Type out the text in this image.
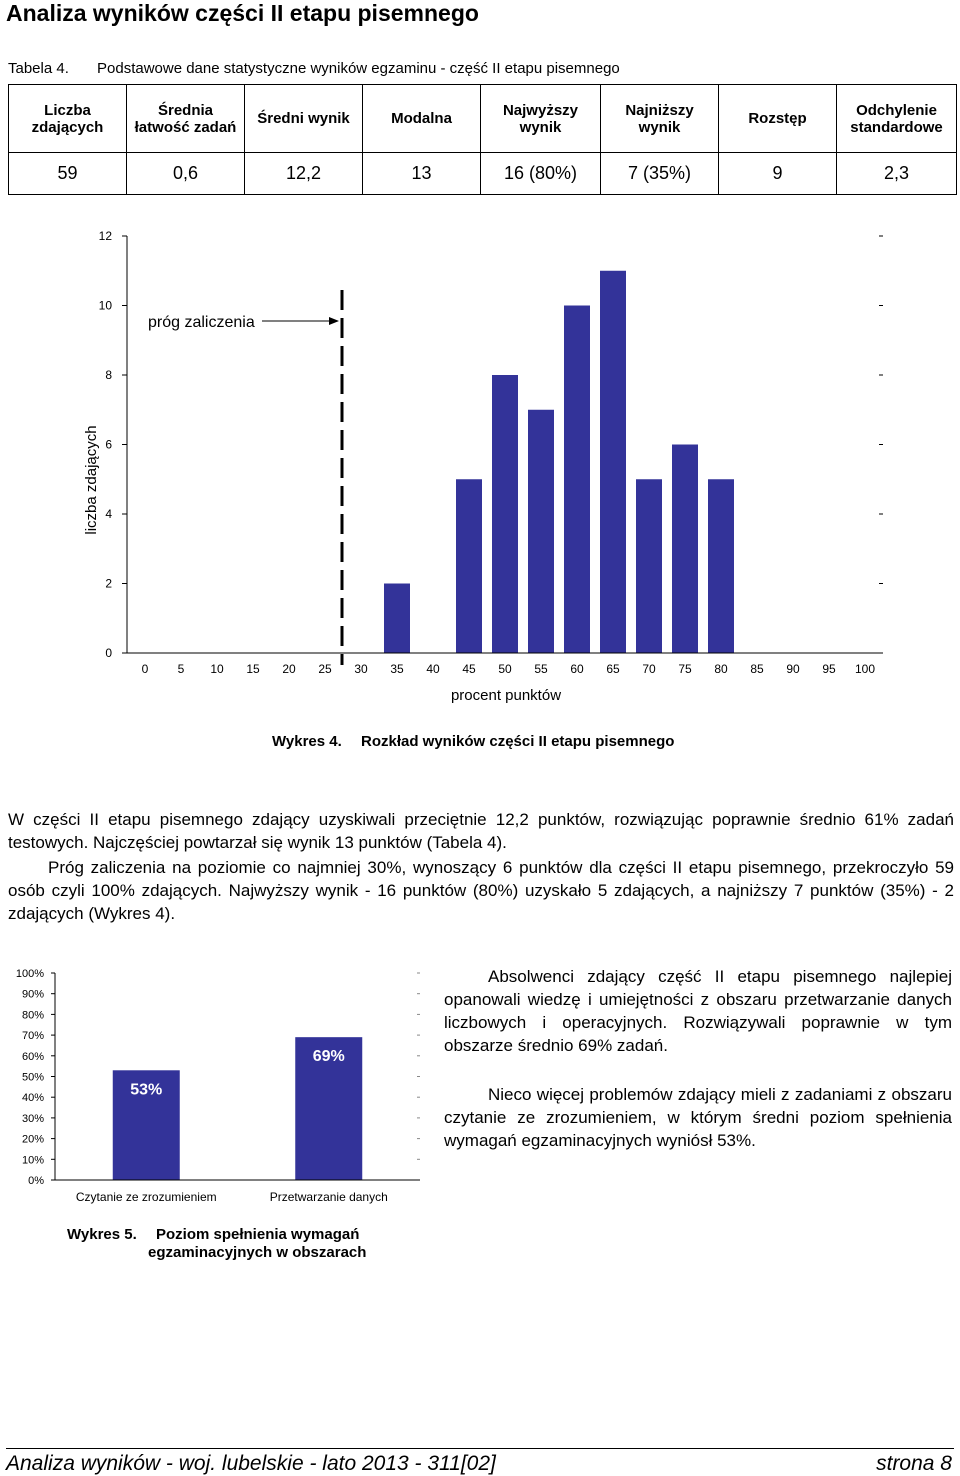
Analiza wyników części II etapu pisemnego
Tabela 4. Podstawowe dane statystyczne wyników egzaminu - część II etapu pisemnego
Liczba
zdających	Średnia
łatwość zadań	Średni wynik	Modalna	Najwyższy
wynik	Najniższy
wynik	Rozstęp	Odchylenie
standardowe
59	0,6	12,2	13	16 (80%)	7 (35%)	9	2,3
0
2
4
6
8
10
12
0 5 10 15 20 25 30 35 40 45 50 55 60 65 70 75 80 85 90 95 100
próg zaliczenia
procent punktów
liczba zdających
Wykres 4. Rozkład wyników części II etapu pisemnego
W części II etapu pisemnego zdający uzyskiwali przeciętnie 12,2 punktów, rozwiązując poprawnie średnio 61% zadań testowych. Najczęściej powtarzał się wynik 13 punktów (Tabela 4).
Próg zaliczenia na poziomie co najmniej 30%, wynoszący 6 punktów dla części II etapu pisemnego, przekroczyło 59 osób czyli 100% zdających. Najwyższy wynik - 16 punktów (80%) uzyskało 5 zdających, a najniższy 7 punktów (35%) - 2 zdających (Wykres 4).
53%
69%
0%
10%
20%
30%
40%
50%
60%
70%
80%
90%
100%
Czytanie ze zrozumieniem	Przetwarzanie danych
Absolwenci zdający część II etapu pisemnego najlepiej opanowali wiedzę i umiejętności z obszaru przetwarzanie danych liczbowych i operacyjnych. Rozwiązywali poprawnie w tym obszarze średnio 69% zadań.
Nieco więcej problemów zdający mieli z zadaniami z obszaru czytanie ze zrozumieniem, w którym średni poziom spełnienia wymagań egzaminacyjnych wyniósł 53%.
Wykres 5. Poziom spełnienia wymagań
egzaminacyjnych w obszarach
Analiza wyników - woj. lubelskie - lato 2013 - 311[02]	strona 8
